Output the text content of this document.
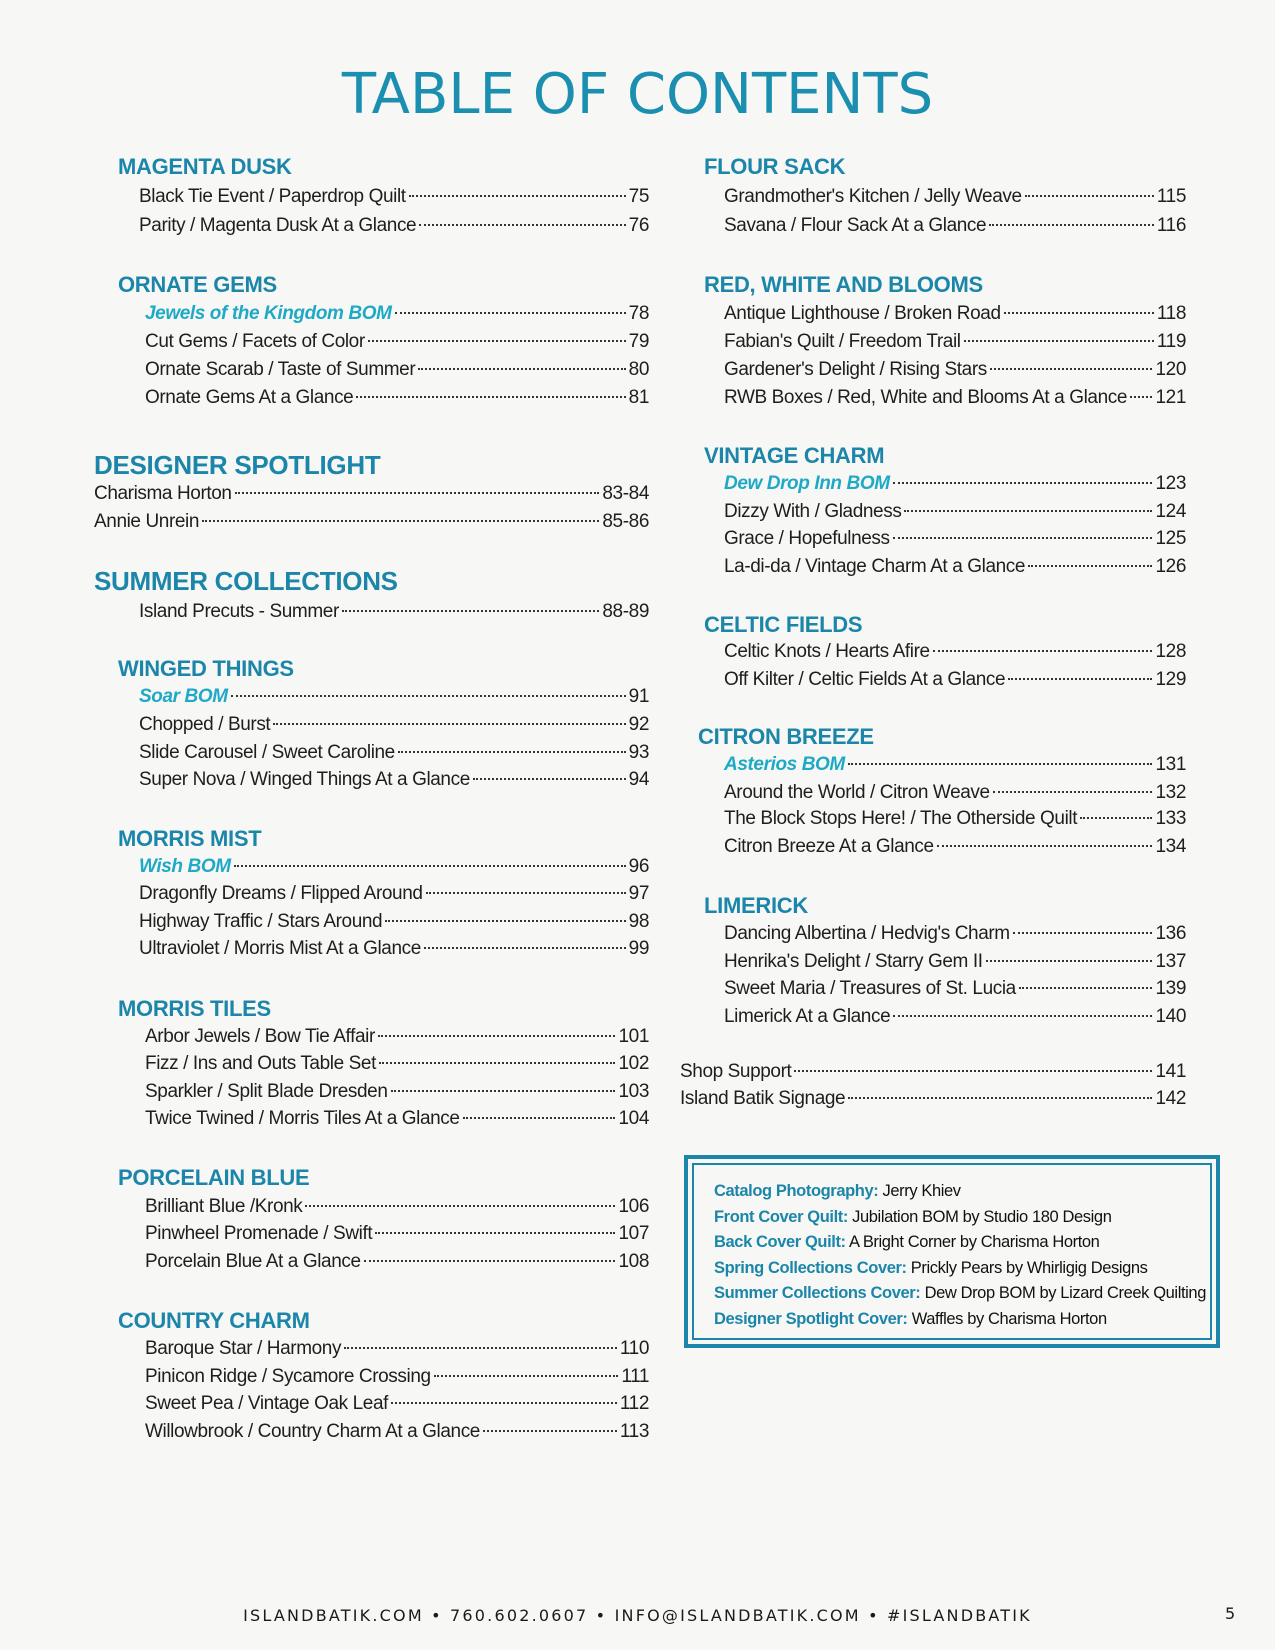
TABLE OF CONTENTS
MAGENTA DUSK
Black Tie Event / Paperdrop Quilt	75
Parity / Magenta Dusk At a Glance	76
ORNATE GEMS
Jewels of the Kingdom BOM	78
Cut Gems / Facets of Color	79
Ornate Scarab / Taste of Summer	80
Ornate Gems At a Glance	81
DESIGNER SPOTLIGHT
Charisma Horton	83-84
Annie Unrein	85-86
SUMMER COLLECTIONS
Island Precuts - Summer	88-89
WINGED THINGS
Soar BOM	91
Chopped / Burst	92
Slide Carousel / Sweet Caroline	93
Super Nova / Winged Things At a Glance	94
MORRIS MIST
Wish BOM	96
Dragonfly Dreams / Flipped Around	97
Highway Traffic / Stars Around	98
Ultraviolet / Morris Mist At a Glance	99
MORRIS TILES
Arbor Jewels / Bow Tie Affair	101
Fizz / Ins and Outs Table Set	102
Sparkler / Split Blade Dresden	103
Twice Twined / Morris Tiles At a Glance	104
PORCELAIN BLUE
Brilliant Blue /Kronk	106
Pinwheel Promenade / Swift	107
Porcelain Blue At a Glance	108
COUNTRY CHARM
Baroque Star / Harmony	110
Pinicon Ridge / Sycamore Crossing	111
Sweet Pea / Vintage Oak Leaf	112
Willowbrook / Country Charm At a Glance	113
FLOUR SACK
Grandmother's Kitchen / Jelly Weave	115
Savana / Flour Sack At a Glance	116
RED, WHITE AND BLOOMS
Antique Lighthouse / Broken Road	118
Fabian's Quilt / Freedom Trail	119
Gardener's Delight / Rising Stars	120
RWB Boxes / Red, White and Blooms At a Glance 121
VINTAGE CHARM
Dew Drop Inn BOM	123
Dizzy With / Gladness	124
Grace / Hopefulness	125
La-di-da / Vintage Charm At a Glance	126
CELTIC FIELDS
Celtic Knots / Hearts Afire	128
Off Kilter / Celtic Fields At a Glance	129
CITRON BREEZE
Asterios BOM	131
Around the World / Citron Weave	132
The Block Stops Here! / The Otherside Quilt	133
Citron Breeze At a Glance	134
LIMERICK
Dancing Albertina / Hedvig's Charm	136
Henrika's Delight / Starry Gem II	137
Sweet Maria / Treasures of St. Lucia	139
Limerick At a Glance	140
Shop Support	141
Island Batik Signage	142
Catalog Photography: Jerry Khiev
Front Cover Quilt: Jubilation BOM by Studio 180 Design
Back Cover Quilt: A Bright Corner by Charisma Horton
Spring Collections Cover: Prickly Pears by Whirligig Designs
Summer Collections Cover: Dew Drop BOM by Lizard Creek Quilting
Designer Spotlight Cover: Waffles by Charisma Horton
ISLANDBATIK.COM • 760.602.0607 • INFO@ISLANDBATIK.COM • #ISLANDBATIK	5
